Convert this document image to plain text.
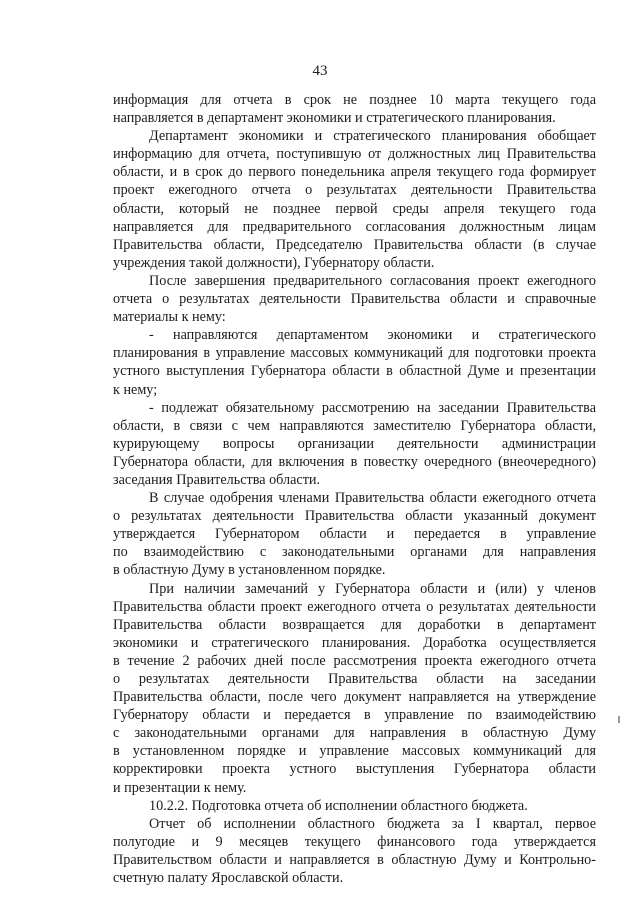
43
информация для отчета в срок не позднее 10 марта текущего года
направляется в департамент экономики и стратегического планирования.
Департамент экономики и стратегического планирования обобщает
информацию для отчета, поступившую от должностных лиц Правительства
области, и в срок до первого понедельника апреля текущего года формирует
проект ежегодного отчета о результатах деятельности Правительства
области, который не позднее первой среды апреля текущего года
направляется для предварительного согласования должностным лицам
Правительства области, Председателю Правительства области (в случае
учреждения такой должности), Губернатору области.
После завершения предварительного согласования проект ежегодного
отчета о результатах деятельности Правительства области и справочные
материалы к нему:
- направляются департаментом экономики и стратегического
планирования в управление массовых коммуникаций для подготовки проекта
устного выступления Губернатора области в областной Думе и презентации
к нему;
- подлежат обязательному рассмотрению на заседании Правительства
области, в связи с чем направляются заместителю Губернатора области,
курирующему вопросы организации деятельности администрации
Губернатора области, для включения в повестку очередного (внеочередного)
заседания Правительства области.
В случае одобрения членами Правительства области ежегодного отчета
о результатах деятельности Правительства области указанный документ
утверждается Губернатором области и передается в управление
по взаимодействию с законодательными органами для направления
в областную Думу в установленном порядке.
При наличии замечаний у Губернатора области и (или) у членов
Правительства области проект ежегодного отчета о результатах деятельности
Правительства области возвращается для доработки в департамент
экономики и стратегического планирования. Доработка осуществляется
в течение 2 рабочих дней после рассмотрения проекта ежегодного отчета
о результатах деятельности Правительства области на заседании
Правительства области, после чего документ направляется на утверждение
Губернатору области и передается в управление по взаимодействию
с законодательными органами для направления в областную Думу
в установленном порядке и управление массовых коммуникаций для
корректировки проекта устного выступления Губернатора области
и презентации к нему.
10.2.2. Подготовка отчета об исполнении областного бюджета.
Отчет об исполнении областного бюджета за I квартал, первое
полугодие и 9 месяцев текущего финансового года утверждается
Правительством области и направляется в областную Думу и Контрольно-
счетную палату Ярославской области.
